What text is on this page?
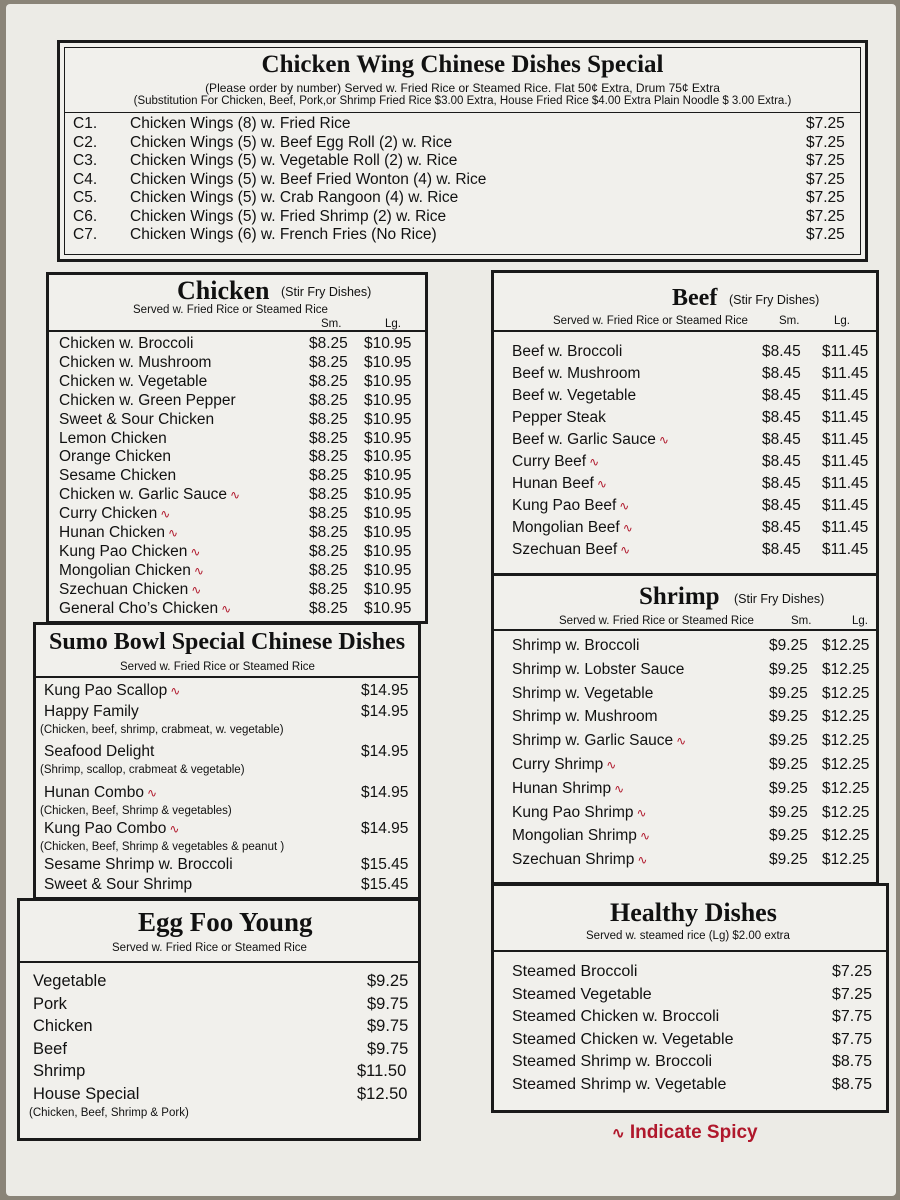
Chicken Wing Chinese Dishes Special
(Please order by number) Served w. Fried Rice or Steamed Rice. Flat 50¢ Extra, Drum 75¢ Extra
(Substitution For Chicken, Beef, Pork,or Shrimp Fried Rice $3.00 Extra, House Fried Rice $4.00 Extra Plain Noodle $ 3.00 Extra.)
C1. Chicken Wings (8) w. Fried Rice	$7.25
C2. Chicken Wings (5) w. Beef Egg Roll (2) w. Rice	$7.25
C3. Chicken Wings (5) w. Vegetable Roll (2) w. Rice	$7.25
C4. Chicken Wings (5) w. Beef Fried Wonton (4) w. Rice	$7.25
C5. Chicken Wings (5) w. Crab Rangoon (4) w. Rice	$7.25
C6. Chicken Wings (5) w. Fried Shrimp (2) w. Rice	$7.25
C7. Chicken Wings (6) w. French Fries (No Rice)	$7.25
Chicken (Stir Fry Dishes)
Served w. Fried Rice or Steamed Rice
Sm.	Lg.
Chicken w. Broccoli	$8.25 $10.95
Chicken w. Mushroom	$8.25 $10.95
Chicken w. Vegetable	$8.25 $10.95
Chicken w. Green Pepper	$8.25 $10.95
Sweet & Sour Chicken	$8.25 $10.95
Lemon Chicken	$8.25 $10.95
Orange Chicken	$8.25 $10.95
Sesame Chicken	$8.25 $10.95
Chicken w. Garlic Sauce ∿	$8.25 $10.95
Curry Chicken ∿	$8.25 $10.95
Hunan Chicken ∿	$8.25 $10.95
Kung Pao Chicken ∿	$8.25 $10.95
Mongolian Chicken ∿	$8.25 $10.95
Szechuan Chicken ∿	$8.25 $10.95
General Cho’s Chicken ∿	$8.25 $10.95
Sumo Bowl Special Chinese Dishes
Served w. Fried Rice or Steamed Rice
Kung Pao Scallop ∿	$14.95
Happy Family	$14.95
(Chicken, beef, shrimp, crabmeat, w. vegetable)
Seafood Delight	$14.95
(Shrimp, scallop, crabmeat & vegetable)
Hunan Combo ∿	$14.95
(Chicken, Beef, Shrimp & vegetables)
Kung Pao Combo ∿	$14.95
(Chicken, Beef, Shrimp & vegetables & peanut )
Sesame Shrimp w. Broccoli	$15.45
Sweet & Sour Shrimp	$15.45
Egg Foo Young
Served w. Fried Rice or Steamed Rice
Vegetable	$9.25
Pork	$9.75
Chicken	$9.75
Beef	$9.75
Shrimp	$11.50
House Special	$12.50
(Chicken, Beef, Shrimp & Pork)
Beef (Stir Fry Dishes)
Served w. Fried Rice or Steamed Rice	Sm.	Lg.
Beef w. Broccoli	$8.45 $11.45
Beef w. Mushroom	$8.45 $11.45
Beef w. Vegetable	$8.45 $11.45
Pepper Steak	$8.45 $11.45
Beef w. Garlic Sauce ∿	$8.45 $11.45
Curry Beef ∿	$8.45 $11.45
Hunan Beef ∿	$8.45 $11.45
Kung Pao Beef ∿	$8.45 $11.45
Mongolian Beef ∿	$8.45 $11.45
Szechuan Beef ∿	$8.45 $11.45
Shrimp (Stir Fry Dishes)
Served w. Fried Rice or Steamed Rice	Sm.	Lg.
Shrimp w. Broccoli	$9.25 $12.25
Shrimp w. Lobster Sauce	$9.25 $12.25
Shrimp w. Vegetable	$9.25 $12.25
Shrimp w. Mushroom	$9.25 $12.25
Shrimp w. Garlic Sauce ∿	$9.25 $12.25
Curry Shrimp ∿	$9.25 $12.25
Hunan Shrimp ∿	$9.25 $12.25
Kung Pao Shrimp ∿	$9.25 $12.25
Mongolian Shrimp ∿	$9.25 $12.25
Szechuan Shrimp ∿	$9.25 $12.25
Healthy Dishes
Served w. steamed rice (Lg) $2.00 extra
Steamed Broccoli	$7.25
Steamed Vegetable	$7.25
Steamed Chicken w. Broccoli	$7.75
Steamed Chicken w. Vegetable	$7.75
Steamed Shrimp w. Broccoli	$8.75
Steamed Shrimp w. Vegetable	$8.75
∿ Indicate Spicy
